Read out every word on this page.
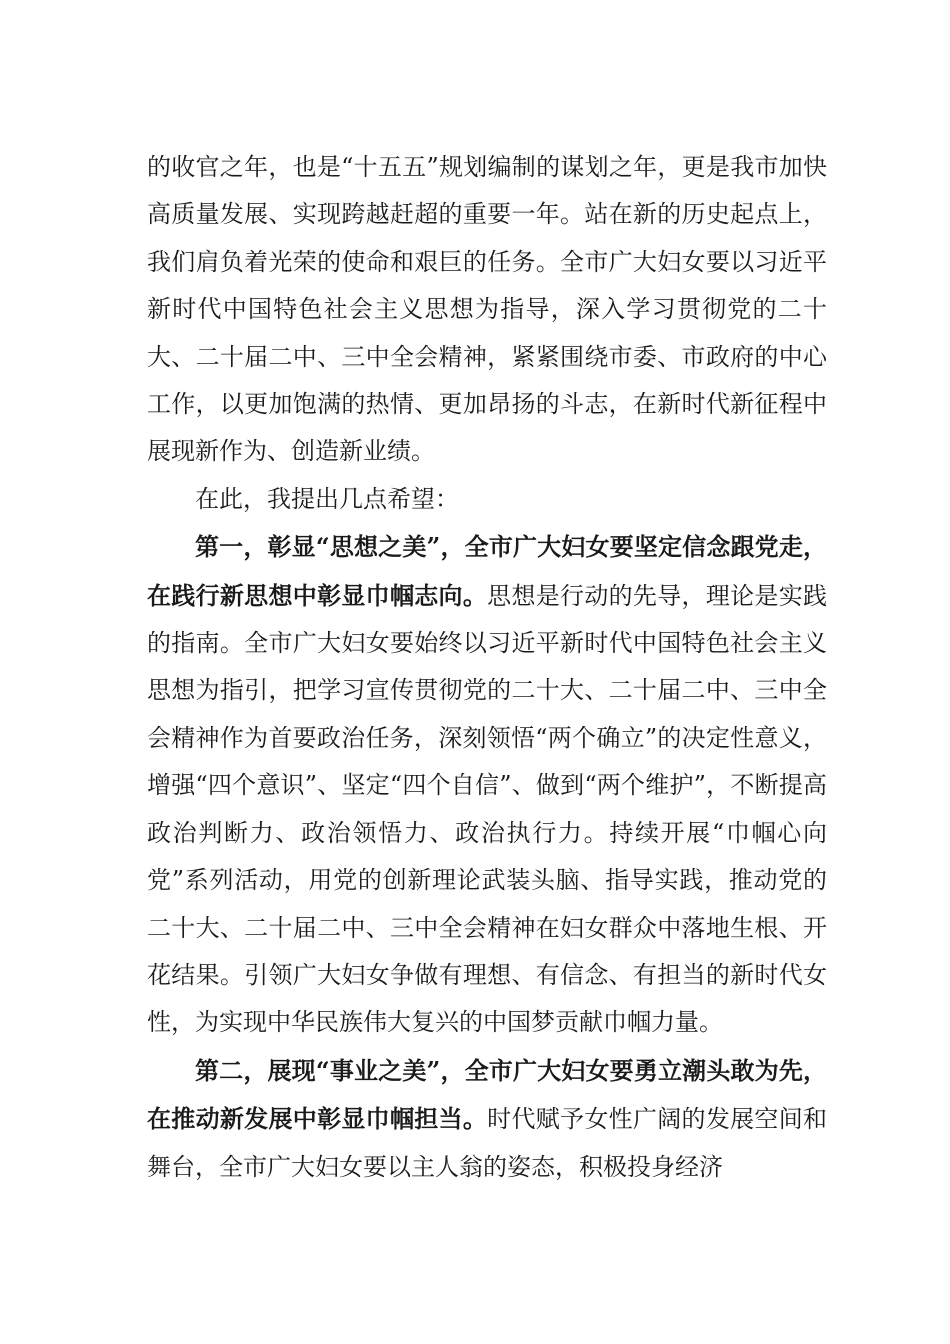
的收官之年，也是“十五五”规划编制的谋划之年，更是我市加快高质量发展、实现跨越赶超的重要一年。站在新的历史起点上，我们肩负着光荣的使命和艰巨的任务。全市广大妇女要以习近平新时代中国特色社会主义思想为指导，深入学习贯彻党的二十大、二十届二中、三中全会精神，紧紧围绕市委、市政府的中心工作，以更加饱满的热情、更加昂扬的斗志，在新时代新征程中展现新作为、创造新业绩。

在此，我提出几点希望：

第一，彰显“思想之美”，全市广大妇女要坚定信念跟党走，在践行新思想中彰显巾帼志向。思想是行动的先导，理论是实践的指南。全市广大妇女要始终以习近平新时代中国特色社会主义思想为指引，把学习宣传贯彻党的二十大、二十届二中、三中全会精神作为首要政治任务，深刻领悟“两个确立”的决定性意义，增强“四个意识”、坚定“四个自信”、做到“两个维护”，不断提高政治判断力、政治领悟力、政治执行力。持续开展“巾帼心向党”系列活动，用党的创新理论武装头脑、指导实践，推动党的二十大、二十届二中、三中全会精神在妇女群众中落地生根、开花结果。引领广大妇女争做有理想、有信念、有担当的新时代女性，为实现中华民族伟大复兴的中国梦贡献巾帼力量。

第二，展现“事业之美”，全市广大妇女要勇立潮头敢为先，在推动新发展中彰显巾帼担当。时代赋予女性广阔的发展空间和舞台，全市广大妇女要以主人翁的姿态，积极投身经济
